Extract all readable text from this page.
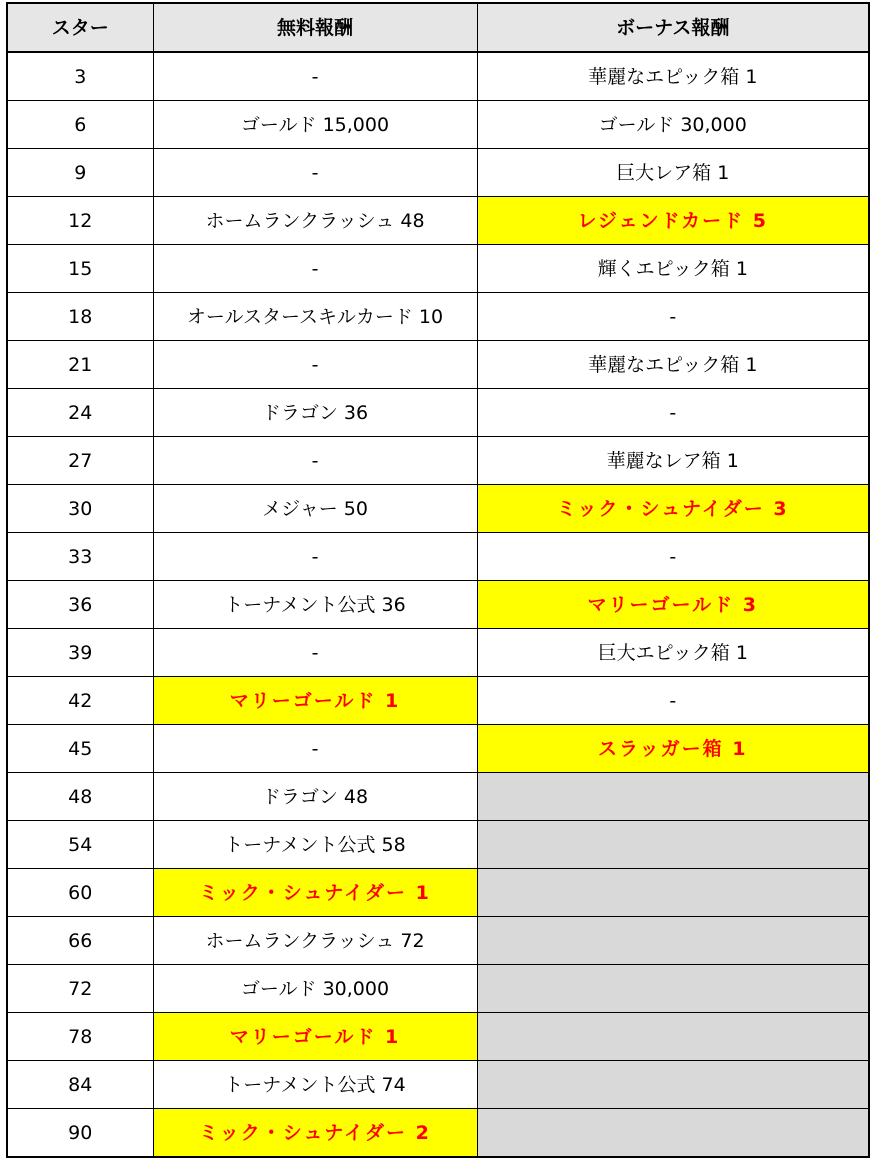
スター	無料報酬	ボーナス報酬
3	-	華麗なエピック箱 1
6	ゴールド 15,000	ゴールド 30,000
9	-	巨大レア箱 1
12	ホームランクラッシュ 48	レジェンドカード 5
15	-	輝くエピック箱 1
18	オールスタースキルカード 10	-
21	-	華麗なエピック箱 1
24	ドラゴン 36	-
27	-	華麗なレア箱 1
30	メジャー 50	ミック・シュナイダー 3
33	-	-
36	トーナメント公式 36	マリーゴールド 3
39	-	巨大エピック箱 1
42	マリーゴールド 1	-
45	-	スラッガー箱 1
48	ドラゴン 48	
54	トーナメント公式 58	
60	ミック・シュナイダー 1	
66	ホームランクラッシュ 72	
72	ゴールド 30,000	
78	マリーゴールド 1	
84	トーナメント公式 74	
90	ミック・シュナイダー 2	
